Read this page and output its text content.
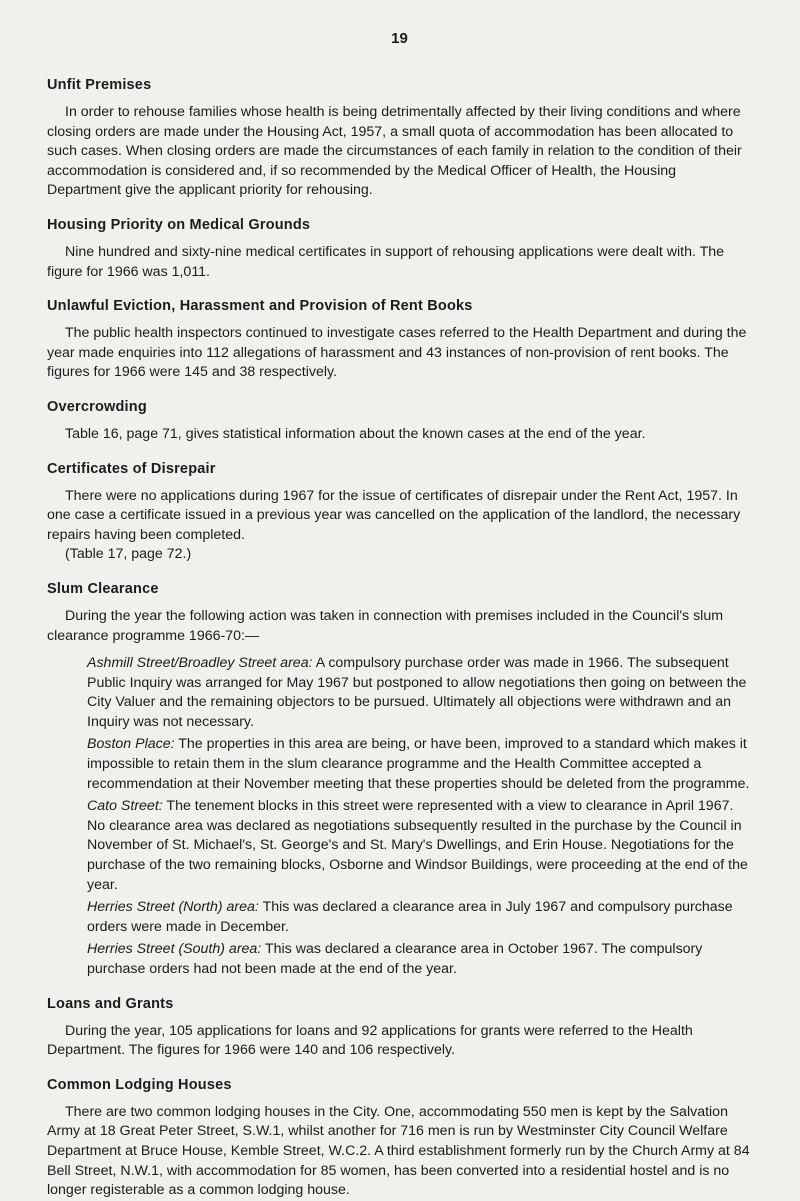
19
Unfit Premises

In order to rehouse families whose health is being detrimentally affected by their living conditions and where closing orders are made under the Housing Act, 1957, a small quota of accommodation has been allocated to such cases. When closing orders are made the circumstances of each family in relation to the condition of their accommodation is considered and, if so recommended by the Medical Officer of Health, the Housing Department give the applicant priority for rehousing.

Housing Priority on Medical Grounds

Nine hundred and sixty-nine medical certificates in support of rehousing applications were dealt with. The figure for 1966 was 1,011.

Unlawful Eviction, Harassment and Provision of Rent Books

The public health inspectors continued to investigate cases referred to the Health Department and during the year made enquiries into 112 allegations of harassment and 43 instances of non-provision of rent books. The figures for 1966 were 145 and 38 respectively.

Overcrowding

Table 16, page 71, gives statistical information about the known cases at the end of the year.

Certificates of Disrepair

There were no applications during 1967 for the issue of certificates of disrepair under the Rent Act, 1957. In one case a certificate issued in a previous year was cancelled on the application of the landlord, the necessary repairs having been completed.

(Table 17, page 72.)

Slum Clearance

During the year the following action was taken in connection with premises included in the Council's slum clearance programme 1966-70:—

Ashmill Street/Broadley Street area: A compulsory purchase order was made in 1966. The subsequent Public Inquiry was arranged for May 1967 but postponed to allow negotiations then going on between the City Valuer and the remaining objectors to be pursued. Ultimately all objections were withdrawn and an Inquiry was not necessary.

Boston Place: The properties in this area are being, or have been, improved to a standard which makes it impossible to retain them in the slum clearance programme and the Health Committee accepted a recommendation at their November meeting that these properties should be deleted from the programme.

Cato Street: The tenement blocks in this street were represented with a view to clearance in April 1967. No clearance area was declared as negotiations subsequently resulted in the purchase by the Council in November of St. Michael's, St. George's and St. Mary's Dwellings, and Erin House. Negotiations for the purchase of the two remaining blocks, Osborne and Windsor Buildings, were proceeding at the end of the year.

Herries Street (North) area: This was declared a clearance area in July 1967 and compulsory purchase orders were made in December.

Herries Street (South) area: This was declared a clearance area in October 1967. The compulsory purchase orders had not been made at the end of the year.

Loans and Grants

During the year, 105 applications for loans and 92 applications for grants were referred to the Health Department. The figures for 1966 were 140 and 106 respectively.

Common Lodging Houses

There are two common lodging houses in the City. One, accommodating 550 men is kept by the Salvation Army at 18 Great Peter Street, S.W.1, whilst another for 716 men is run by Westminster City Council Welfare Department at Bruce House, Kemble Street, W.C.2. A third establishment formerly run by the Church Army at 84 Bell Street, N.W.1, with accommodation for 85 women, has been converted into a residential hostel and is no longer registerable as a common lodging house.
